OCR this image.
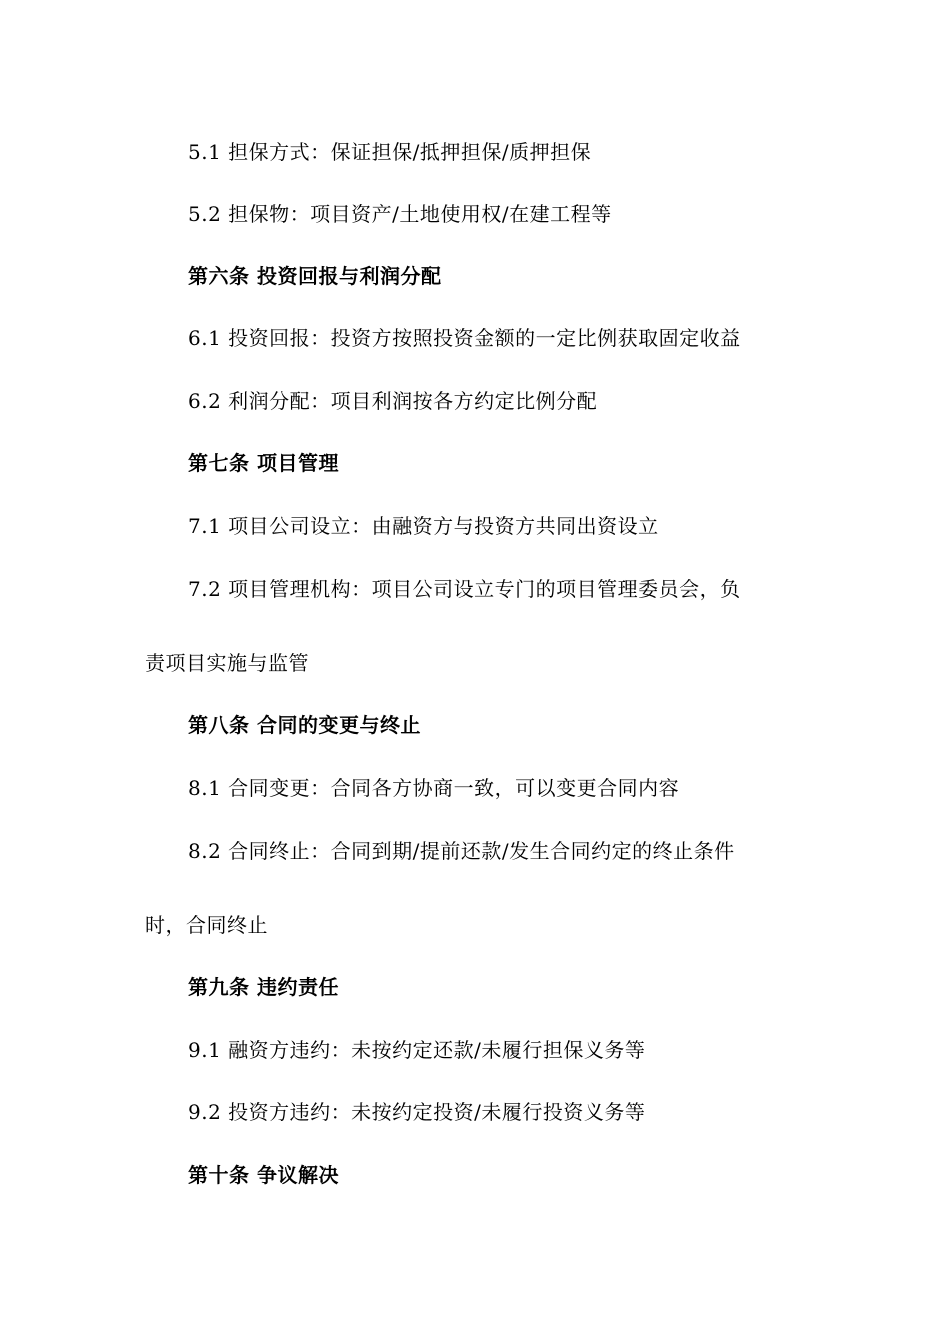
5.1 担保方式：保证担保/抵押担保/质押担保
5.2 担保物：项目资产/土地使用权/在建工程等
第六条 投资回报与利润分配
6.1 投资回报：投资方按照投资金额的一定比例获取固定收益
6.2 利润分配：项目利润按各方约定比例分配
第七条 项目管理
7.1 项目公司设立：由融资方与投资方共同出资设立
7.2 项目管理机构：项目公司设立专门的项目管理委员会，负
责项目实施与监管
第八条 合同的变更与终止
8.1 合同变更：合同各方协商一致，可以变更合同内容
8.2 合同终止：合同到期/提前还款/发生合同约定的终止条件
时，合同终止
第九条 违约责任
9.1 融资方违约：未按约定还款/未履行担保义务等
9.2 投资方违约：未按约定投资/未履行投资义务等
第十条 争议解决
